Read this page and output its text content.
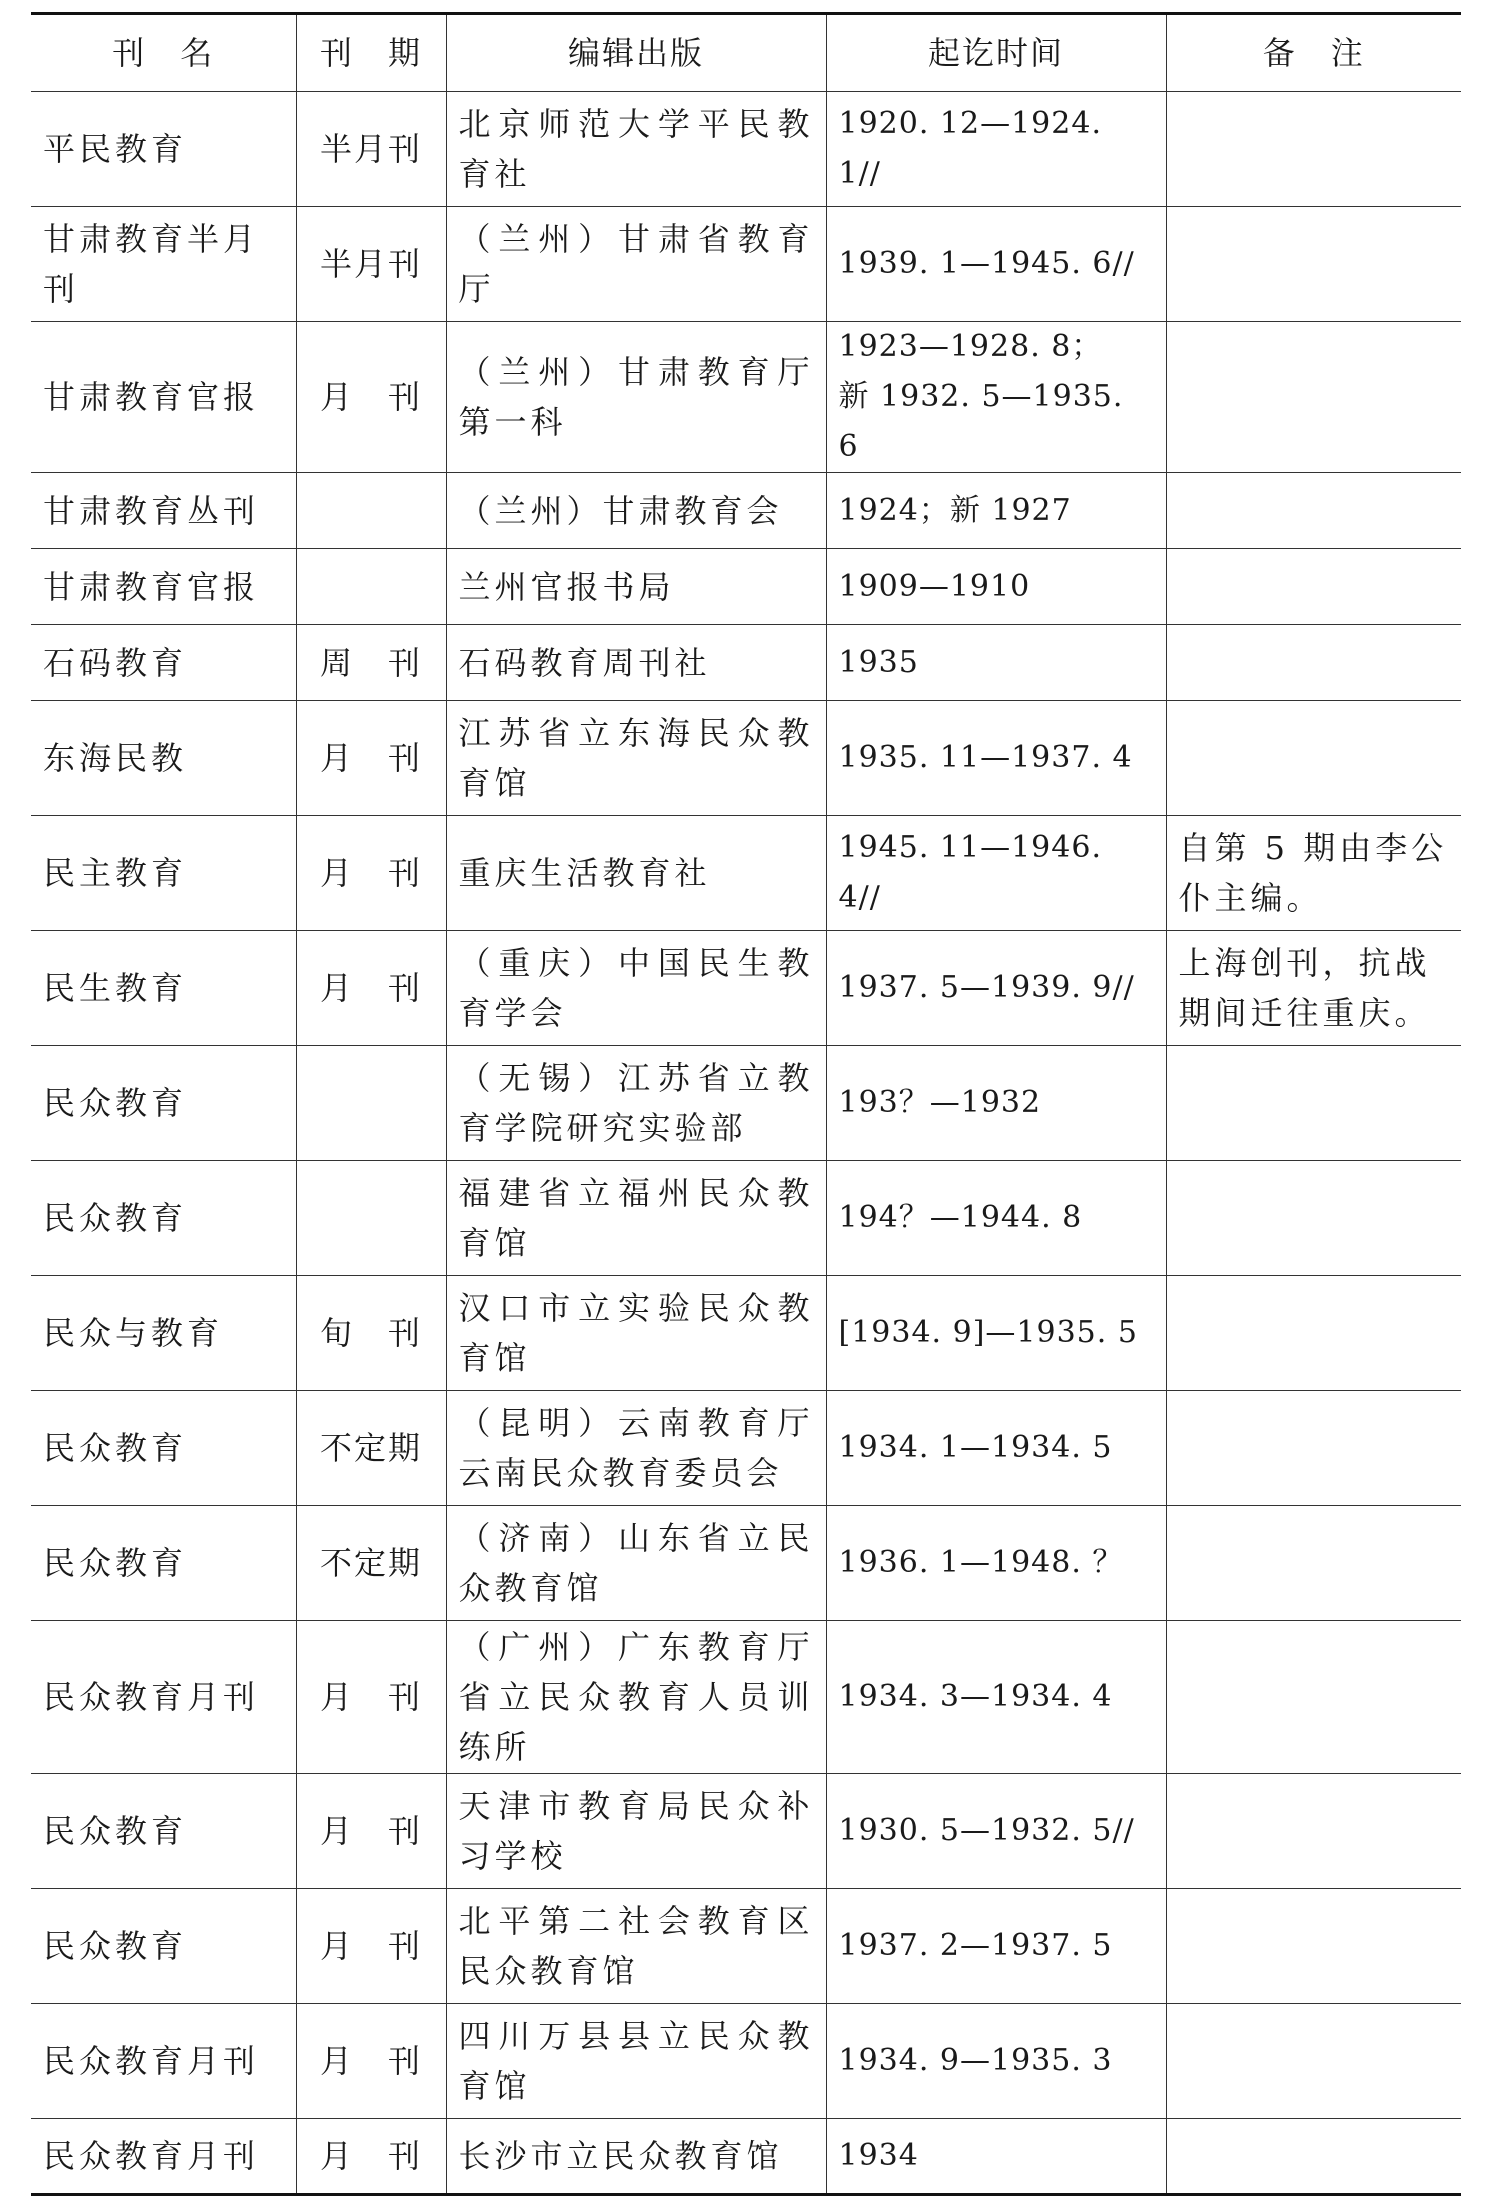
刊　名	刊　期	编辑出版	起讫时间	备　注
平民教育	半月刊	北京师范大学平民教育社	1920. 12—1924. 1//	

甘肃教育半月刊	半月刊	（兰州）甘肃省教育厅	1939. 1—1945. 6//	

甘肃教育官报	月　刊	（兰州）甘肃教育厅第一科	1923—1928. 8；
新 1932. 5—1935. 6	

甘肃教育丛刊		（兰州）甘肃教育会	1924；新 1927	

甘肃教育官报		兰州官报书局	1909—1910	

石码教育	周　刊	石码教育周刊社	1935	

东海民教	月　刊	江苏省立东海民众教育馆	1935. 11—1937. 4	

民主教育	月　刊	重庆生活教育社	1945. 11—1946. 4//	自第 5 期由李公仆主编。
民生教育	月　刊	（重庆）中国民生教育学会	1937. 5—1939. 9//	上海创刊，抗战期间迁往重庆。
民众教育		（无锡）江苏省立教育学院研究实验部	193？—1932	

民众教育		福建省立福州民众教育馆	194？—1944. 8	

民众与教育	旬　刊	汉口市立实验民众教育馆	[1934. 9]—1935. 5	

民众教育	不定期	（昆明）云南教育厅云南民众教育委员会	1934. 1—1934. 5	

民众教育	不定期	（济南）山东省立民众教育馆	1936. 1—1948. ？	

民众教育月刊	月　刊	（广州）广东教育厅省立民众教育人员训练所	1934. 3—1934. 4	

民众教育	月　刊	天津市教育局民众补习学校	1930. 5—1932. 5//	

民众教育	月　刊	北平第二社会教育区民众教育馆	1937. 2—1937. 5	

民众教育月刊	月　刊	四川万县县立民众教育馆	1934. 9—1935. 3	

民众教育月刊	月　刊	长沙市立民众教育馆	1934	
